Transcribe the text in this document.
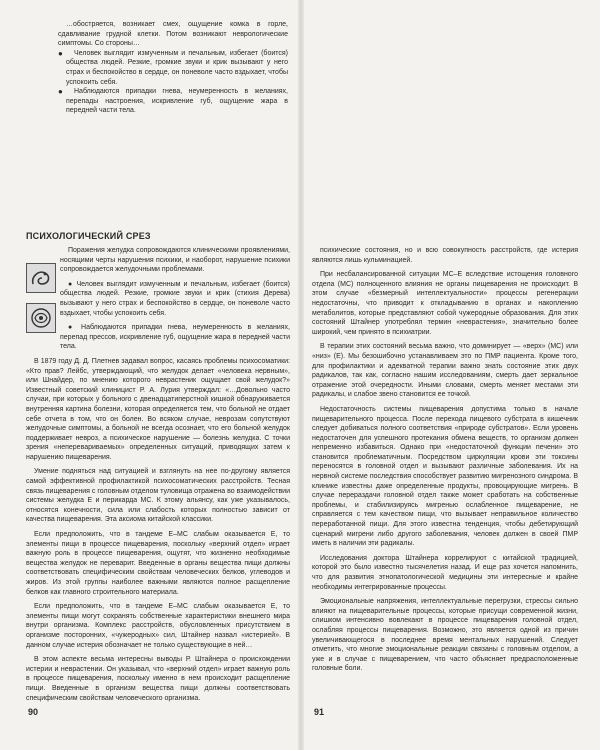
…обостряется, возникает смех, ощущение комка в горле, сдавливание грудной клетки. Потом возникают неврологические симптомы. Со стороны…

●	Человек выглядит измученным и печальным, избегает (боится) общества людей. Резкие, громкие звуки и крик вызывают у него страх и беспокойство в сердце, он поневоле часто вздыхает, чтобы успокоить себя.

●	Наблюдаются припадки гнева, неумеренность в желаниях, перепады настроения, искривление губ, ощущение жара в передней части тела.

ПСИХОЛОГИЧЕСКИЙ СРЕЗ

Поражения желудка сопровождаются клиническими проявлениями, носящими черты нарушения психики, и наоборот, нарушение психики сопровождается желудочными проблемами.

● Человек выглядит измученным и печальным, избегает (боится) общества людей. Резкие, громкие звуки и крик (стихия Дерева) вызывают у него страх и беспокойство в сердце, он поневоле часто вздыхает, чтобы успокоить себя.

● Наблюдаются припадки гнева, неумеренность в желаниях, перепад прессов, искривление губ, ощущение жара в передней части тела.

В 1879 году Д. Д. Плетнев задавал вопрос, касаясь проблемы психосоматики: «Кто прав? Лейбс, утверждающий, что желудок делает «человека нервным», или Шнайдер, по мнению которого неврастеник ощущает свой желудок?» Известный советский клиницист Р. А. Лурия утверждал: «…Довольно часто случаи, при которых у больного с двенадцатиперстной кишкой обнаруживается внутренняя картина болезни, которая определяется тем, что больной не отдает себе отчета в том, что он болен. Во всяком случае, неврозам сопутствуют желудочные симптомы, а больной не всегда осознает, что его больной желудок поддерживает невроз, а психическое нарушение — болезнь желудка. С точки зрения «неперевариваемых» определенных ситуаций, приводящих затем к нарушению пищеварения.

Умение подняться над ситуацией и взглянуть на нее по-другому является самой эффективной профилактикой психосоматических расстройств. Тесная связь пищеварения с головным отделом туловища отражена во взаимодействии системы желудка Е и перикарда МС. К этому альянсу, как уже указывалось, относятся конечности, сила или слабость которых полностью зависит от качества пищеварения. Эта аксиома китайской классики.

Если предположить, что в тандеме Е–МС слабым оказывается Е, то элементы пищи в процессе пищеварения, поскольку «верхний отдел» играет важную роль в процессе пищеварения, ощутят, что жизненно необходимые вещества желудок не переварит. Введенные в органы вещества пищи должны соответствовать специфическим свойствам человеческих белков, углеводов и жиров. Из этой группы наиболее важными являются полное расщепление белков как главного строительного материала.

Если предположить, что в тандеме Е–МС слабым оказывается Е, то элементы пищи могут сохранять собственные характеристики внешнего мира внутри организма. Комплекс расстройств, обусловленных присутствием в организме посторонних, «чужеродных» сил, Штайнер назвал «истерией». В данном случае истерия обозначает не только существующие в ней…

В этом аспекте весьма интересны выводы Р. Штайнера о происхождении истерии и неврастении. Он указывал, что «верхний отдел» играет важную роль в процессе пищеварения, поскольку именно в нем происходит расщепление пищи. Введенные в организм вещества пищи должны соответствовать специфическим свойствам человеческого организма.

90

психические состояния, но и всю совокупность расстройств, где истерия являются лишь кульминацией.

При несбалансированной ситуации МС–Е вследствие истощения головного отдела (МС) полноценного влияния не органы пищеварения не происходит. В этом случае «безмерный интеллектуальности» процессы регенерации недостаточны, что приводит к откладыванию в органах и накоплению метаболитов, которые представляют собой чужеродные образования. Для этих состояний Штайнер употреблял термин «неврастения», значительно более широкий, чем принято в психиатрии.

В терапии этих состояний весьма важно, что доминирует — «верх» (МС) или «низ» (Е). Мы безошибочно устанавливаем это по ПМР пациента. Кроме того, для профилактики и адекватной терапии важно знать состояние этих двух радикалов, так как, согласно нашим исследованиям, смерть дает зеркальное отражение этой очередности. Иными словами, смерть меняет местами эти радикалы, и слабое звено становится ее точкой.

Недостаточность системы пищеварения допустима только в начале пищеварительного процесса. После перехода пищевого субстрата в кишечник следует добиваться полного соответствия «природе субстратов». Если уровень недостаточен для успешного протекания обмена веществ, то организм должен непременно избавиться. Однако при «недостаточной функции печени» это становится проблематичным. Посредством циркуляции крови эти токсины переносятся в головной отдел и вызывают различные заболевания. Их на нервной системе последствия способствует развитию мигренозного синдрома. В клинике известны даже определенные продукты, провоцирующие мигрень. В случае перераздачи головной отдел также может сработать на собственные проблемы, и стабилизируясь мигренью ослабленное пищеварение, не справляется с тем качеством пищи, что вызывает неправильное количество переработанной пищи. Для этого известна тенденция, чтобы дебетирующий сценарий мигрени либо другого заболевания, человек должен в своей ПМР иметь в наличии эти радикалы.

Исследования доктора Штайнера коррелируют с китайской традицией, которой это было известно тысячелетия назад. И еще раз хочется напомнить, что для развития этнопатологической медицины эти интересные и крайне необходимы интегрированные процессы.

Эмоциональные напряжения, интеллектуальные перегрузки, стрессы сильно влияют на пищеварительные процессы, которые присущи современной жизни, слишком интенсивно вовлекают в процессе пищеварения головной отдел, ослабляя процессы пищеварения. Возможно, это является одной из причин увеличивающегося в последнее время ментальных нарушений. Следует отметить, что многие эмоциональные реакции связаны с головным отделом, а уже и в случае с пищеварением, что часто объясняет предрасположенные головные боли.

91
